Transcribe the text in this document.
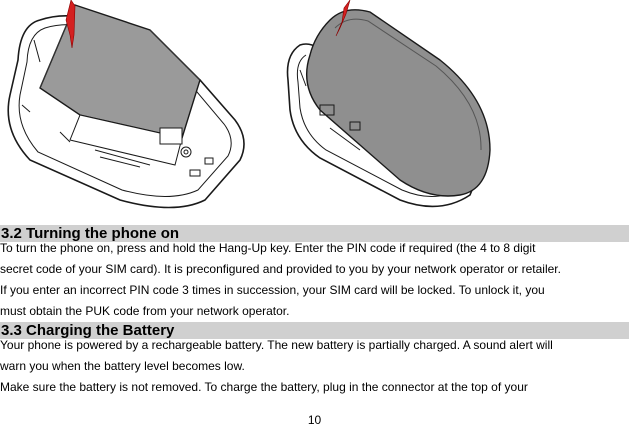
3.2 Turning the phone on
To turn the phone on, press and hold the Hang-Up key. Enter the PIN code if required (the 4 to 8 digit
secret code of your SIM card). It is preconfigured and provided to you by your network operator or retailer.
If you enter an incorrect PIN code 3 times in succession, your SIM card will be locked. To unlock it, you
must obtain the PUK code from your network operator.
3.3 Charging the Battery
Your phone is powered by a rechargeable battery. The new battery is partially charged. A sound alert will
warn you when the battery level becomes low.
Make sure the battery is not removed. To charge the battery, plug in the connector at the top of your
10
